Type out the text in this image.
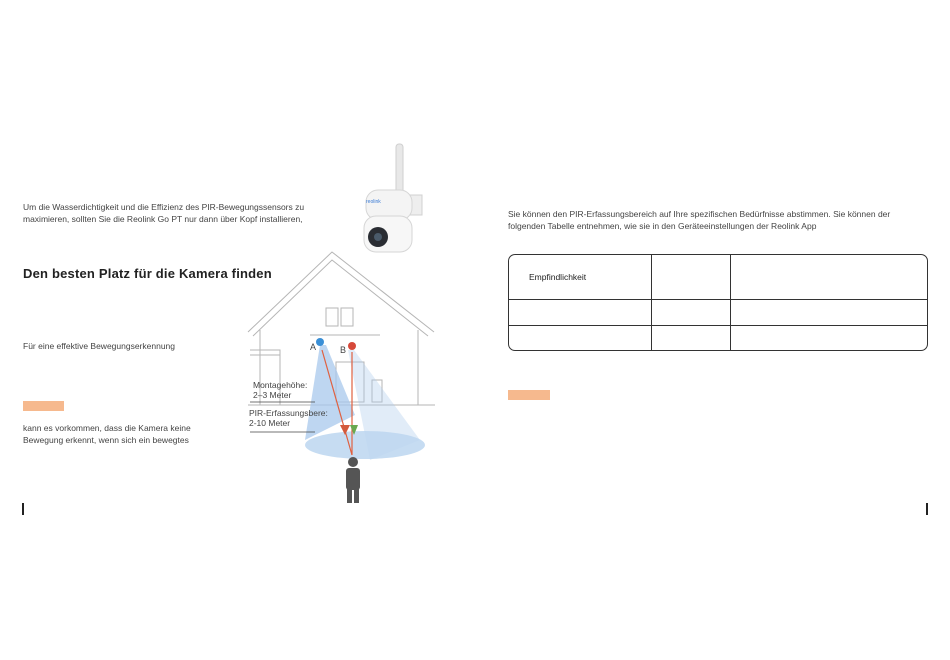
Um die Wasserdichtigkeit und die Effizienz des PIR-Bewegungssensors zu maximieren, sollten Sie die Reolink Go PT nur dann über Kopf installieren,
Den besten Platz für die Kamera finden
Für eine effektive Bewegungserkennung
kann es vorkommen, dass die Kamera keine Bewegung erkennt, wenn sich ein bewegtes
reolink
A	B
Montagehöhe:
2–3 Meter
PIR-Erfassungsbere:
2-10 Meter
Sie können den PIR-Erfassungsbereich auf Ihre spezifischen Bedürfnisse abstimmen. Sie können der folgenden Tabelle entnehmen, wie sie in den Geräteeinstellungen der Reolink App
Empfindlichkeit
